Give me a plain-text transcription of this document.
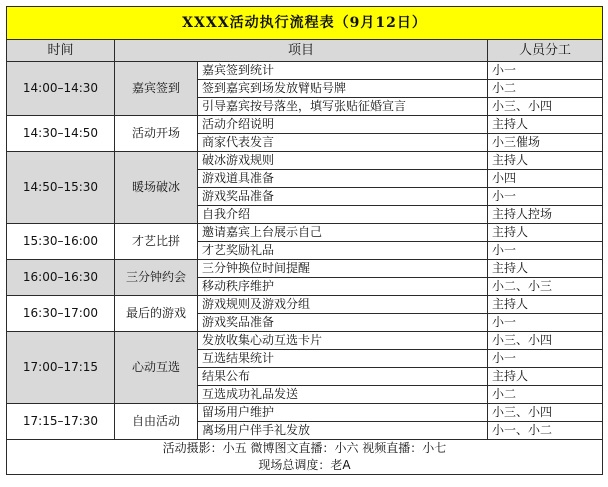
XXXX活动执行流程表（9月12日）			
时间	项目		人员分工
14:00–14:30	嘉宾签到	嘉宾签到统计	小一
		签到嘉宾到场发放臂贴号牌	小二
		引导嘉宾按号落坐，填写张贴征婚宣言	小三、小四
14:30–14:50	活动开场	活动介绍说明	主持人
		商家代表发言	小三催场
14:50–15:30	暖场破冰	破冰游戏规则	主持人
		游戏道具准备	小四
		游戏奖品准备	小一
		自我介绍	主持人控场
15:30–16:00	才艺比拼	邀请嘉宾上台展示自己	主持人
		才艺奖励礼品	小一
16:00–16:30	三分钟约会	三分钟换位时间提醒	主持人
		移动秩序维护	小二、小三
16:30–17:00	最后的游戏	游戏规则及游戏分组	主持人
		游戏奖品准备	小一
17:00–17:15	心动互选	发放收集心动互选卡片	小三、小四
		互选结果统计	小一
		结果公布	主持人
		互选成功礼品发送	小二
17:15–17:30	自由活动	留场用户维护	小三、小四
		离场用户伴手礼发放	小一、小二
活动摄影：小五 微博图文直播：小六 视频直播：小七			
现场总调度：老A			
